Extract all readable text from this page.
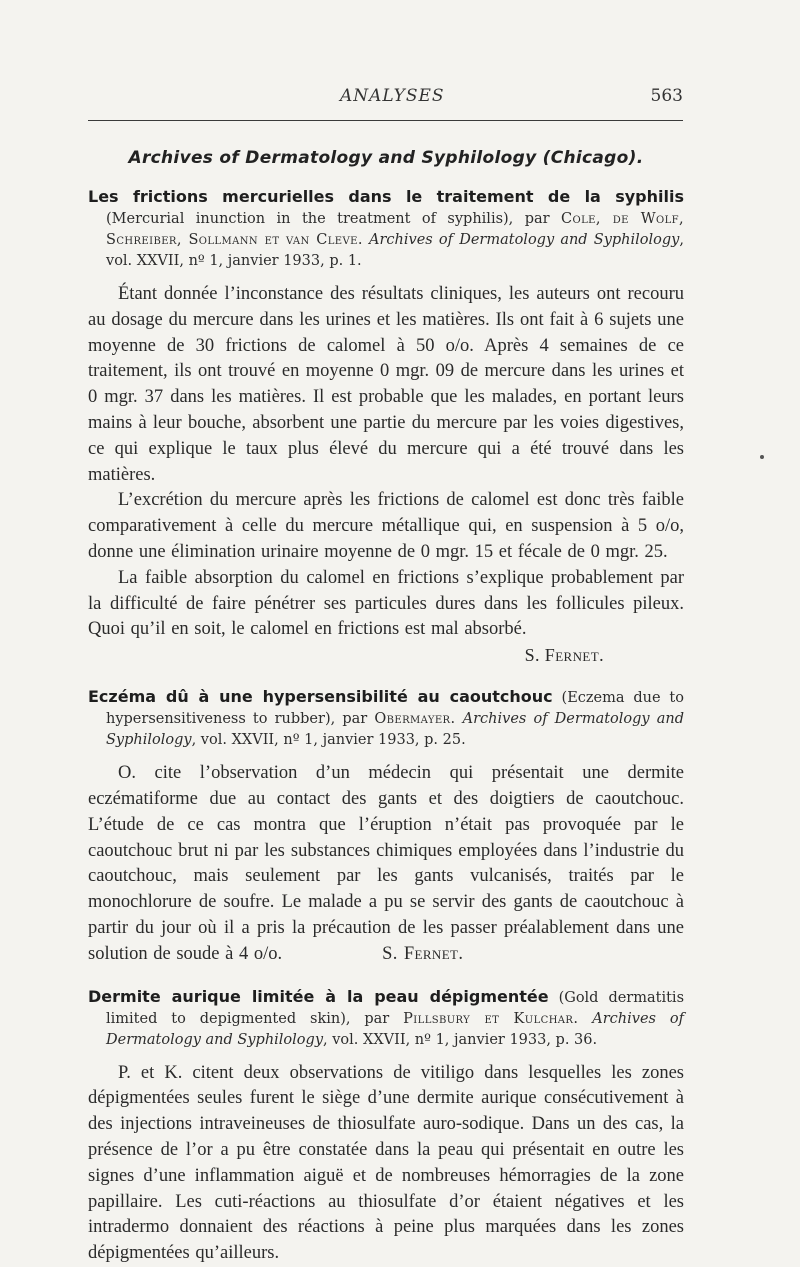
ANALYSES	563
Archives of Dermatology and Syphilology (Chicago).
Les frictions mercurielles dans le traitement de la syphilis (Mercurial inunction in the treatment of syphilis), par Cole, de Wolf, Schreiber, Sollmann et van Cleve. Archives of Dermatology and Syphilology, vol. XXVII, nº 1, janvier 1933, p. 1.

Étant donnée l’inconstance des résultats cliniques, les auteurs ont recouru au dosage du mercure dans les urines et les matières. Ils ont fait à 6 sujets une moyenne de 30 frictions de calomel à 50 o/o. Après 4 semaines de ce traitement, ils ont trouvé en moyenne 0 mgr. 09 de mercure dans les urines et 0 mgr. 37 dans les matières. Il est probable que les malades, en portant leurs mains à leur bouche, absorbent une partie du mercure par les voies digestives, ce qui explique le taux plus élevé du mercure qui a été trouvé dans les matières.

L’excrétion du mercure après les frictions de calomel est donc très faible comparativement à celle du mercure métallique qui, en suspension à 5 o/o, donne une élimination urinaire moyenne de 0 mgr. 15 et fécale de 0 mgr. 25.

La faible absorption du calomel en frictions s’explique probablement par la difficulté de faire pénétrer ses particules dures dans les follicules pileux. Quoi qu’il en soit, le calomel en frictions est mal absorbé.

S. Fernet.

Eczéma dû à une hypersensibilité au caoutchouc (Eczema due to hypersensitiveness to rubber), par Obermayer. Archives of Dermatology and Syphilology, vol. XXVII, nº 1, janvier 1933, p. 25.

O. cite l’observation d’un médecin qui présentait une dermite eczématiforme due au contact des gants et des doigtiers de caoutchouc. L’étude de ce cas montra que l’éruption n’était pas provoquée par le caoutchouc brut ni par les substances chimiques employées dans l’industrie du caoutchouc, mais seulement par les gants vulcanisés, traités par le monochlorure de soufre. Le malade a pu se servir des gants de caoutchouc à partir du jour où il a pris la précaution de les passer préalablement dans une solution de soude à 4 o/o.	S. Fernet.

Dermite aurique limitée à la peau dépigmentée (Gold dermatitis limited to depigmented skin), par Pillsbury et Kulchar. Archives of Dermatology and Syphilology, vol. XXVII, nº 1, janvier 1933, p. 36.

P. et K. citent deux observations de vitiligo dans lesquelles les zones dépigmentées seules furent le siège d’une dermite aurique consécutivement à des injections intraveineuses de thiosulfate auro-sodique. Dans un des cas, la présence de l’or a pu être constatée dans la peau qui présentait en outre les signes d’une inflammation aiguë et de nombreuses hémorragies de la zone papillaire. Les cuti-réactions au thiosulfate d’or étaient négatives et les intradermo donnaient des réactions à peine plus marquées dans les zones dépigmentées qu’ailleurs.
